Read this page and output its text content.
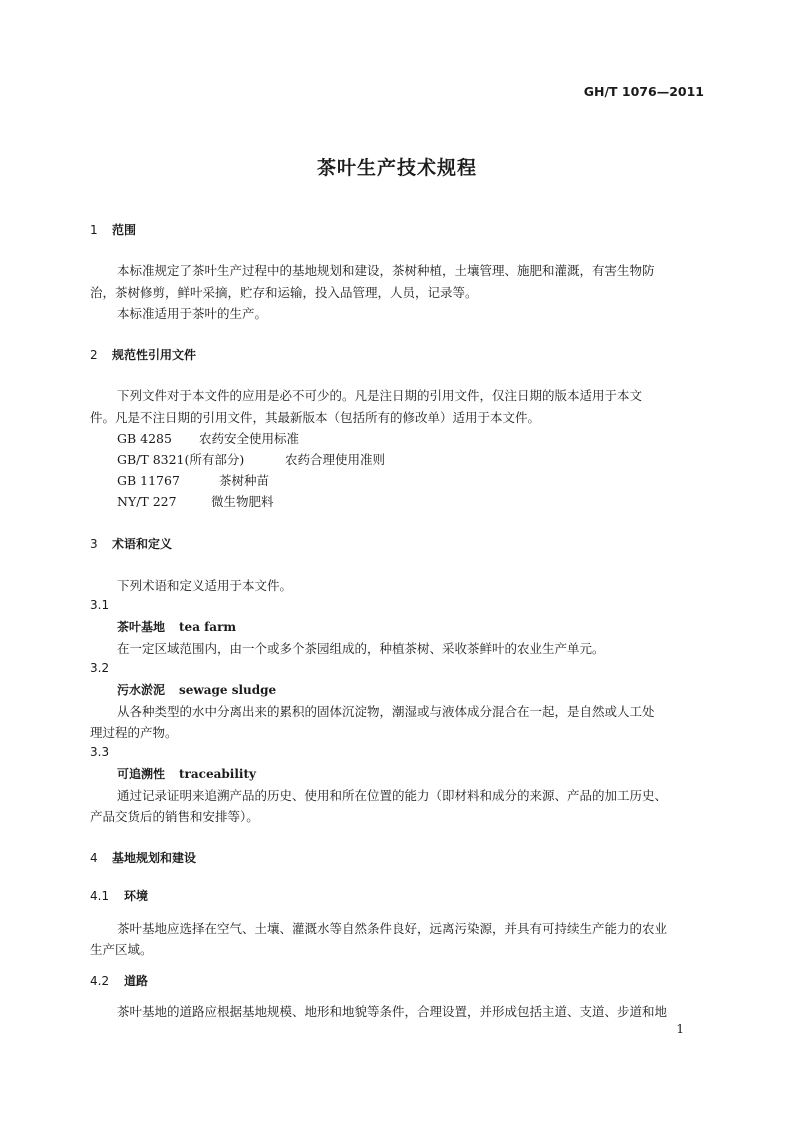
GH/T 1076—2011
茶叶生产技术规程
1 范围
本标准规定了茶叶生产过程中的基地规划和建设，茶树种植，土壤管理、施肥和灌溉，有害生物防
治，茶树修剪，鲜叶采摘，贮存和运输，投入品管理，人员，记录等。
本标准适用于茶叶的生产。
2 规范性引用文件
下列文件对于本文件的应用是必不可少的。凡是注日期的引用文件，仅注日期的版本适用于本文
件。凡是不注日期的引用文件，其最新版本（包括所有的修改单）适用于本文件。
GB 4285 农药安全使用标准
GB/T 8321(所有部分)	农药合理使用准则
GB 11767	茶树种苗
NY/T 227	微生物肥料
3 术语和定义
下列术语和定义适用于本文件。
3.1
茶叶基地 tea farm
在一定区域范围内，由一个或多个茶园组成的，种植茶树、采收茶鲜叶的农业生产单元。
3.2
污水淤泥 sewage sludge
从各种类型的水中分离出来的累积的固体沉淀物，潮湿或与液体成分混合在一起，是自然或人工处
理过程的产物。
3.3
可追溯性 traceability
通过记录证明来追溯产品的历史、使用和所在位置的能力（即材料和成分的来源、产品的加工历史、
产品交货后的销售和安排等）。
4 基地规划和建设
4.1 环境
茶叶基地应选择在空气、土壤、灌溉水等自然条件良好，远离污染源，并具有可持续生产能力的农业
生产区域。
4.2 道路
茶叶基地的道路应根据基地规模、地形和地貌等条件，合理设置，并形成包括主道、支道、步道和地
1
